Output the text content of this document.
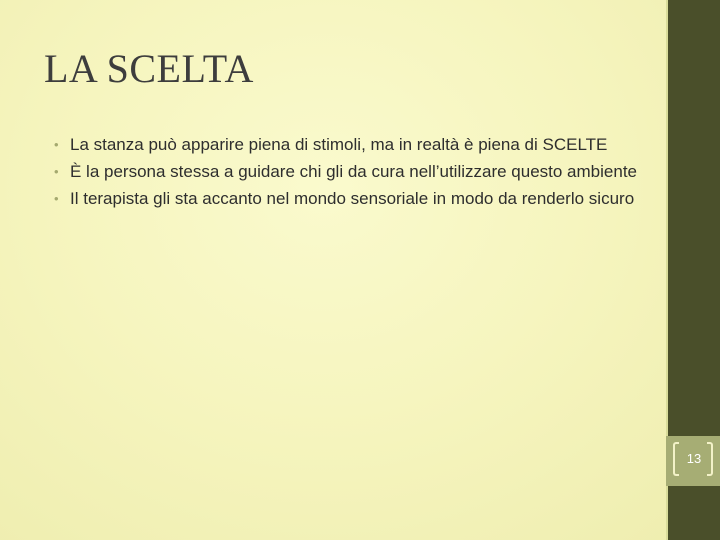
LA SCELTA
• La stanza può apparire piena di stimoli, ma in realtà è piena di SCELTE
• È la persona stessa a guidare chi gli da cura nell’utilizzare questo ambiente
• Il terapista gli sta accanto nel mondo sensoriale in modo da renderlo sicuro
13
